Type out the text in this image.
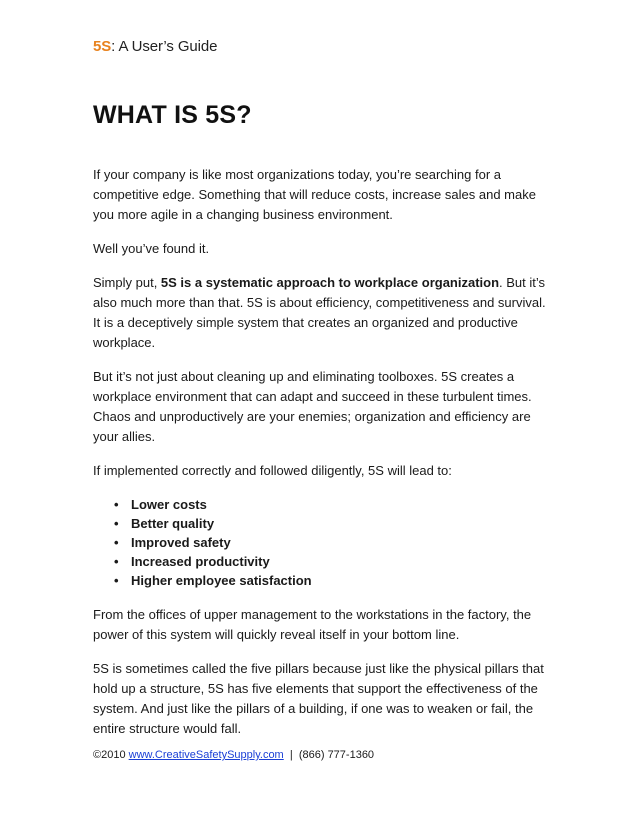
5S: A User’s Guide
WHAT IS 5S?

If your company is like most organizations today, you’re searching for a competitive edge. Something that will reduce costs, increase sales and make you more agile in a changing business environment.

Well you’ve found it.

Simply put, 5S is a systematic approach to workplace organization. But it’s also much more than that. 5S is about efficiency, competitiveness and survival. It is a deceptively simple system that creates an organized and productive workplace.

But it’s not just about cleaning up and eliminating toolboxes. 5S creates a workplace environment that can adapt and succeed in these turbulent times. Chaos and unproductively are your enemies; organization and efficiency are your allies.

If implemented correctly and followed diligently, 5S will lead to:

• Lower costs
• Better quality
• Improved safety
• Increased productivity
• Higher employee satisfaction

From the offices of upper management to the workstations in the factory, the power of this system will quickly reveal itself in your bottom line.

5S is sometimes called the five pillars because just like the physical pillars that hold up a structure, 5S has five elements that support the effectiveness of the system. And just like the pillars of a building, if one was to weaken or fail, the entire structure would fall.

©2010 www.CreativeSafetySupply.com  |  (866) 777-1360
